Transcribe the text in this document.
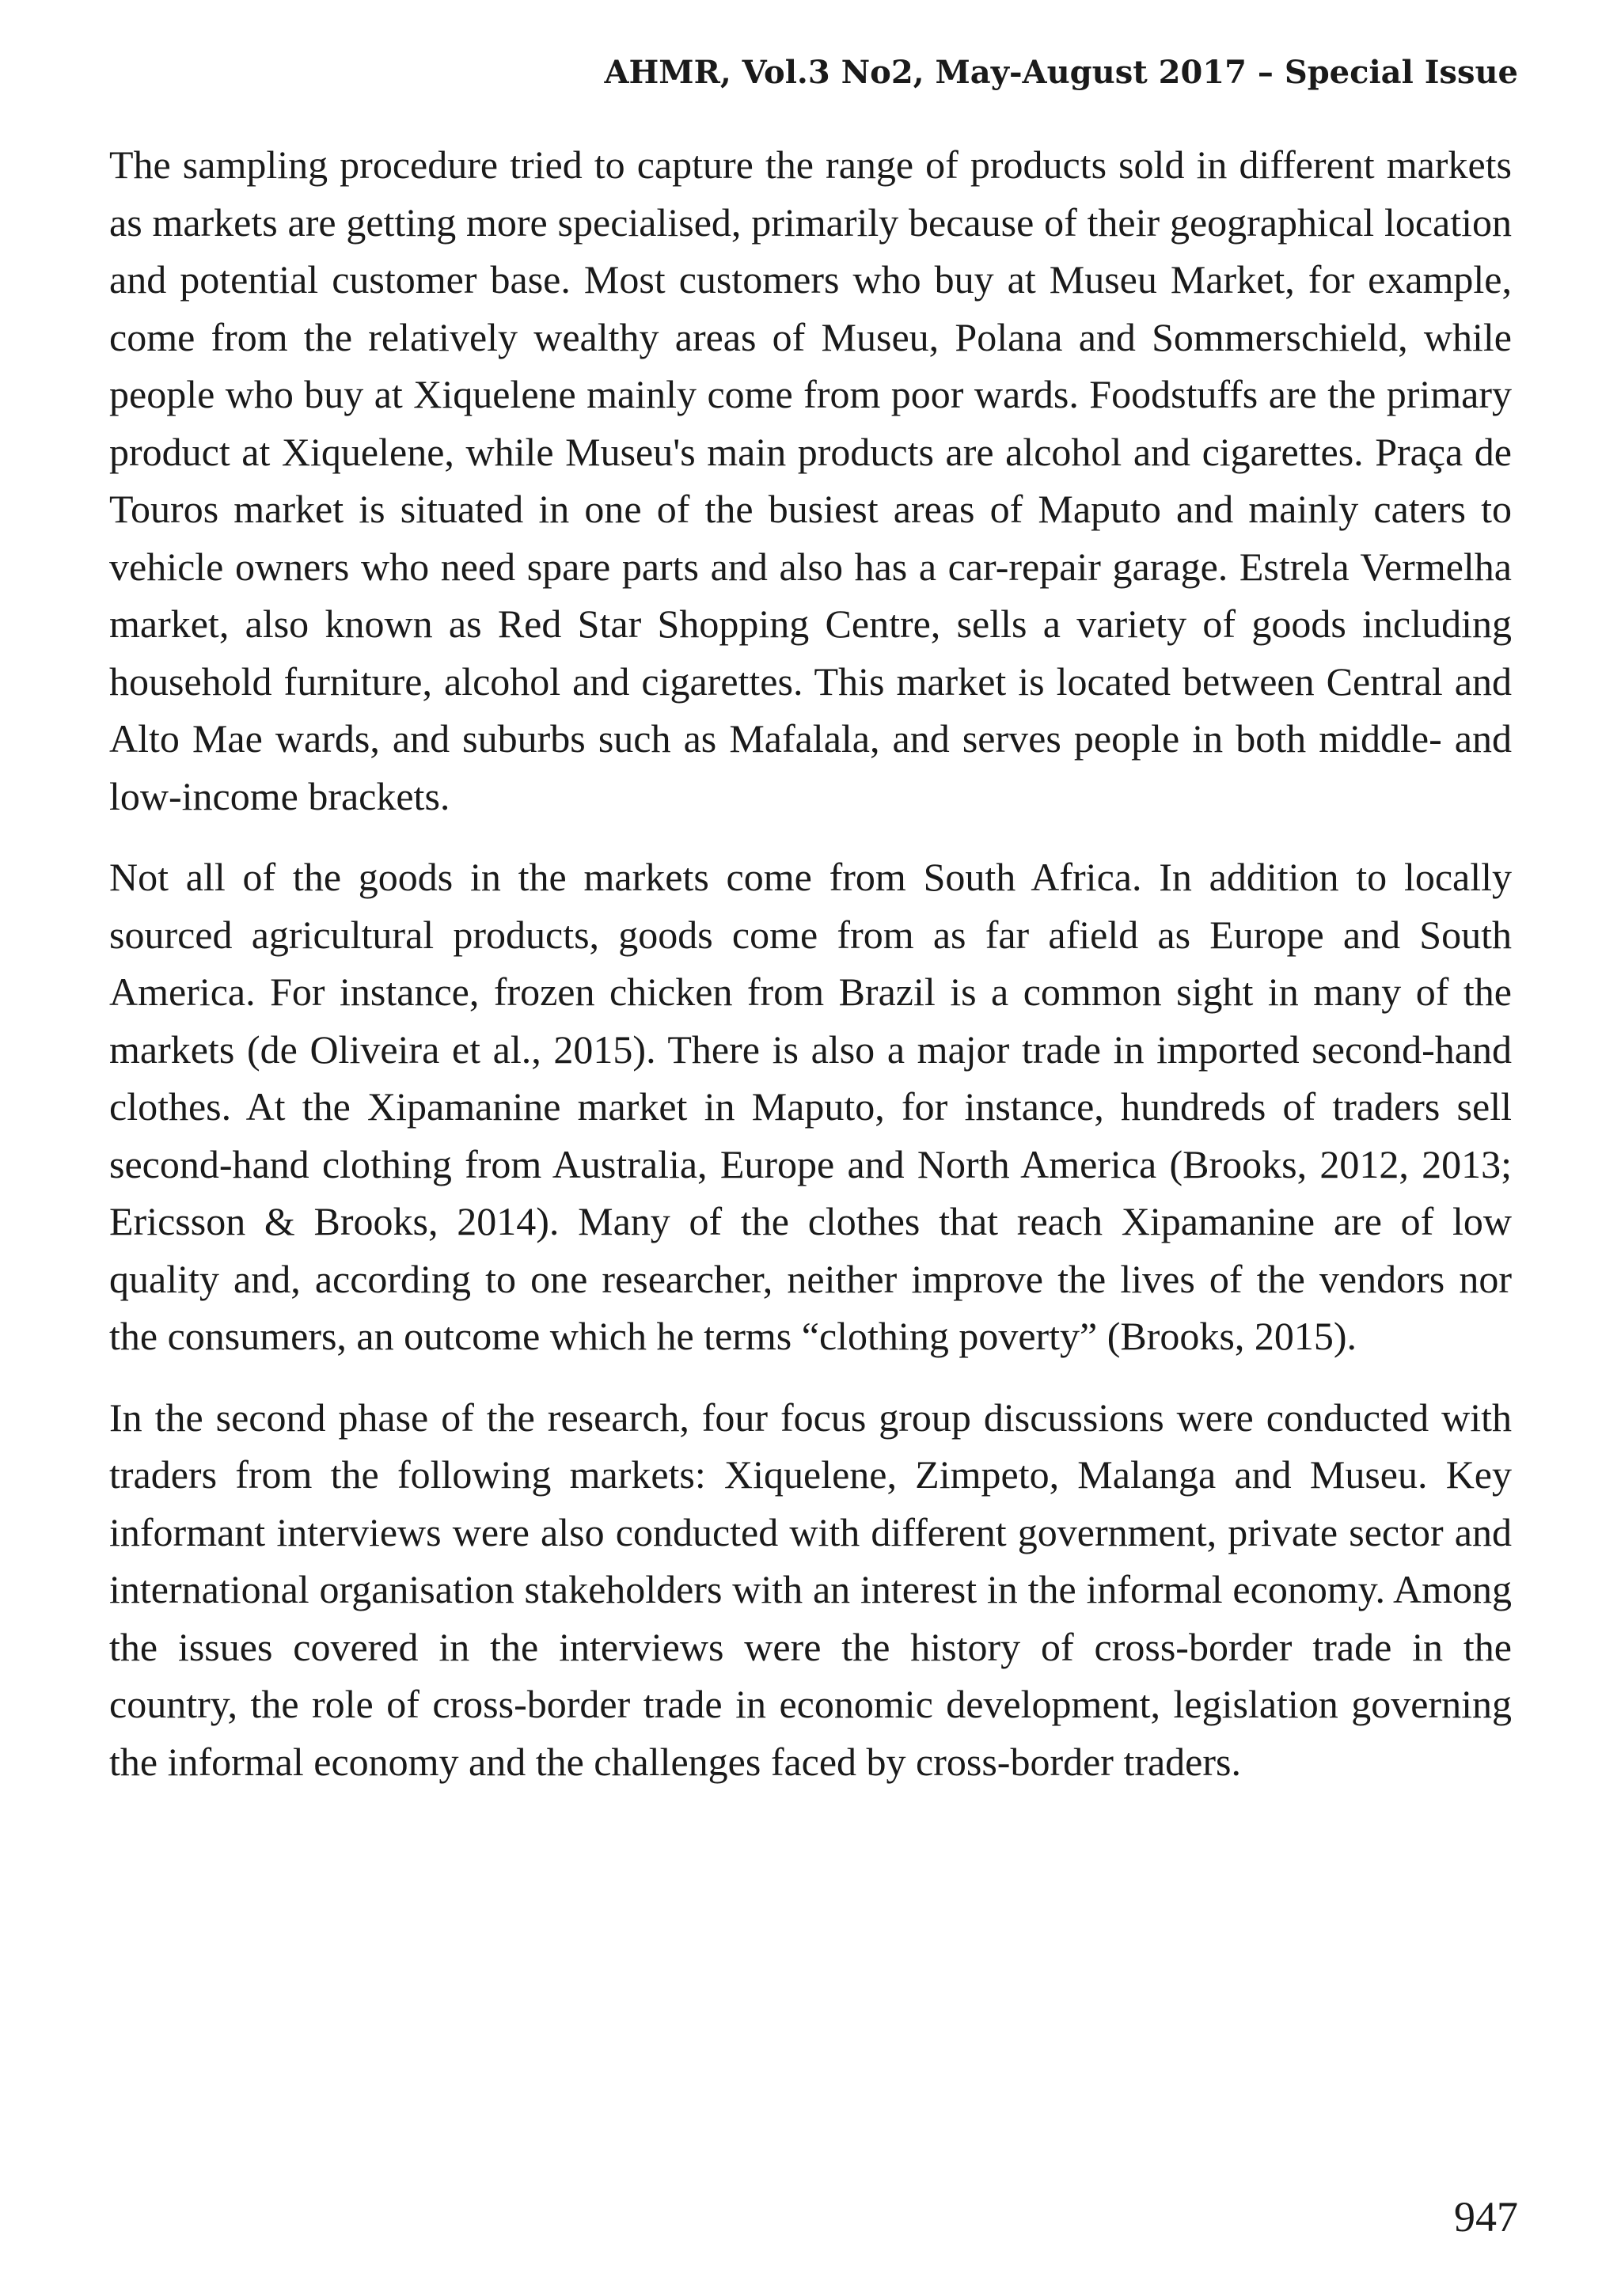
AHMR, Vol.3 No2, May-August 2017 – Special Issue

The sampling procedure tried to capture the range of products sold in different markets as markets are getting more specialised, primarily because of their geographical location and potential customer base. Most customers who buy at Museu Market, for example, come from the relatively wealthy areas of Museu, Polana and Sommerschield, while people who buy at Xiquelene mainly come from poor wards. Foodstuffs are the primary product at Xiquelene, while Museu's main products are alcohol and cigarettes. Praça de Touros market is situated in one of the busiest areas of Maputo and mainly caters to vehicle owners who need spare parts and also has a car-repair garage. Estrela Vermelha market, also known as Red Star Shopping Centre, sells a variety of goods including household furniture, alcohol and cigarettes. This market is located between Central and Alto Mae wards, and suburbs such as Mafalala, and serves people in both middle- and low-income brackets.

Not all of the goods in the markets come from South Africa. In addition to locally sourced agricultural products, goods come from as far afield as Europe and South America. For instance, frozen chicken from Brazil is a common sight in many of the markets (de Oliveira et al., 2015). There is also a major trade in imported second-hand clothes. At the Xipamanine market in Maputo, for instance, hundreds of traders sell second-hand clothing from Australia, Europe and North America (Brooks, 2012, 2013; Ericsson & Brooks, 2014). Many of the clothes that reach Xipamanine are of low quality and, according to one researcher, neither improve the lives of the vendors nor the consumers, an outcome which he terms “clothing poverty” (Brooks, 2015).

In the second phase of the research, four focus group discussions were conducted with traders from the following markets: Xiquelene, Zimpeto, Malanga and Museu. Key informant interviews were also conducted with different government, private sector and international organisation stakeholders with an interest in the informal economy. Among the issues covered in the interviews were the history of cross-border trade in the country, the role of cross-border trade in economic development, legislation governing the informal economy and the challenges faced by cross-border traders.

947
